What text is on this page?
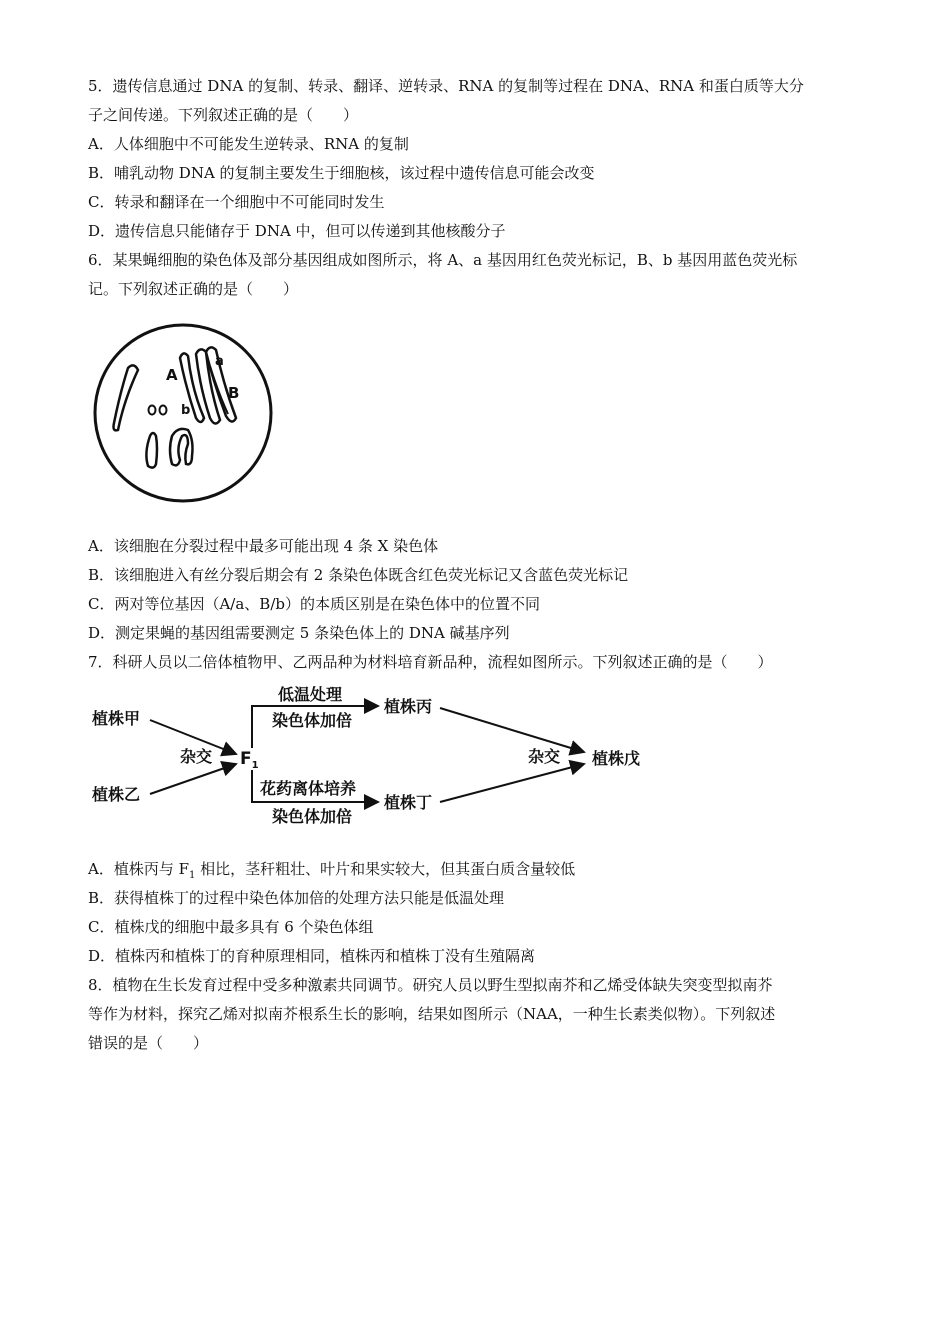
5．遗传信息通过 DNA 的复制、转录、翻译、逆转录、RNA 的复制等过程在 DNA、RNA 和蛋白质等大分
子之间传递。下列叙述正确的是（　　）
A．人体细胞中不可能发生逆转录、RNA 的复制
B．哺乳动物 DNA 的复制主要发生于细胞核，该过程中遗传信息可能会改变
C．转录和翻译在一个细胞中不可能同时发生
D．遗传信息只能储存于 DNA 中，但可以传递到其他核酸分子
6．某果蝇细胞的染色体及部分基因组成如图所示，将 A、a 基因用红色荧光标记，B、b 基因用蓝色荧光标
记。下列叙述正确的是（　　）
A
a
B
b
A．该细胞在分裂过程中最多可能出现 4 条 X 染色体
B．该细胞进入有丝分裂后期会有 2 条染色体既含红色荧光标记又含蓝色荧光标记
C．两对等位基因（A/a、B/b）的本质区别是在染色体中的位置不同
D．测定果蝇的基因组需要测定 5 条染色体上的 DNA 碱基序列
7．科研人员以二倍体植物甲、乙两品种为材料培育新品种，流程如图所示。下列叙述正确的是（　　）
植株甲
植株乙
杂交 $F_1$
低温处理
染色体加倍
花药离体培养
染色体加倍
植株丙
植株丁
杂交 植株戊
A．植株丙与 $F_1$ 相比，茎秆粗壮、叶片和果实较大，但其蛋白质含量较低
B．获得植株丁的过程中染色体加倍的处理方法只能是低温处理
C．植株戊的细胞中最多具有 6 个染色体组
D．植株丙和植株丁的育种原理相同，植株丙和植株丁没有生殖隔离
8．植物在生长发育过程中受多种激素共同调节。研究人员以野生型拟南芥和乙烯受体缺失突变型拟南芥
等作为材料，探究乙烯对拟南芥根系生长的影响，结果如图所示（NAA，一种生长素类似物）。下列叙述
错误的是（　　）
